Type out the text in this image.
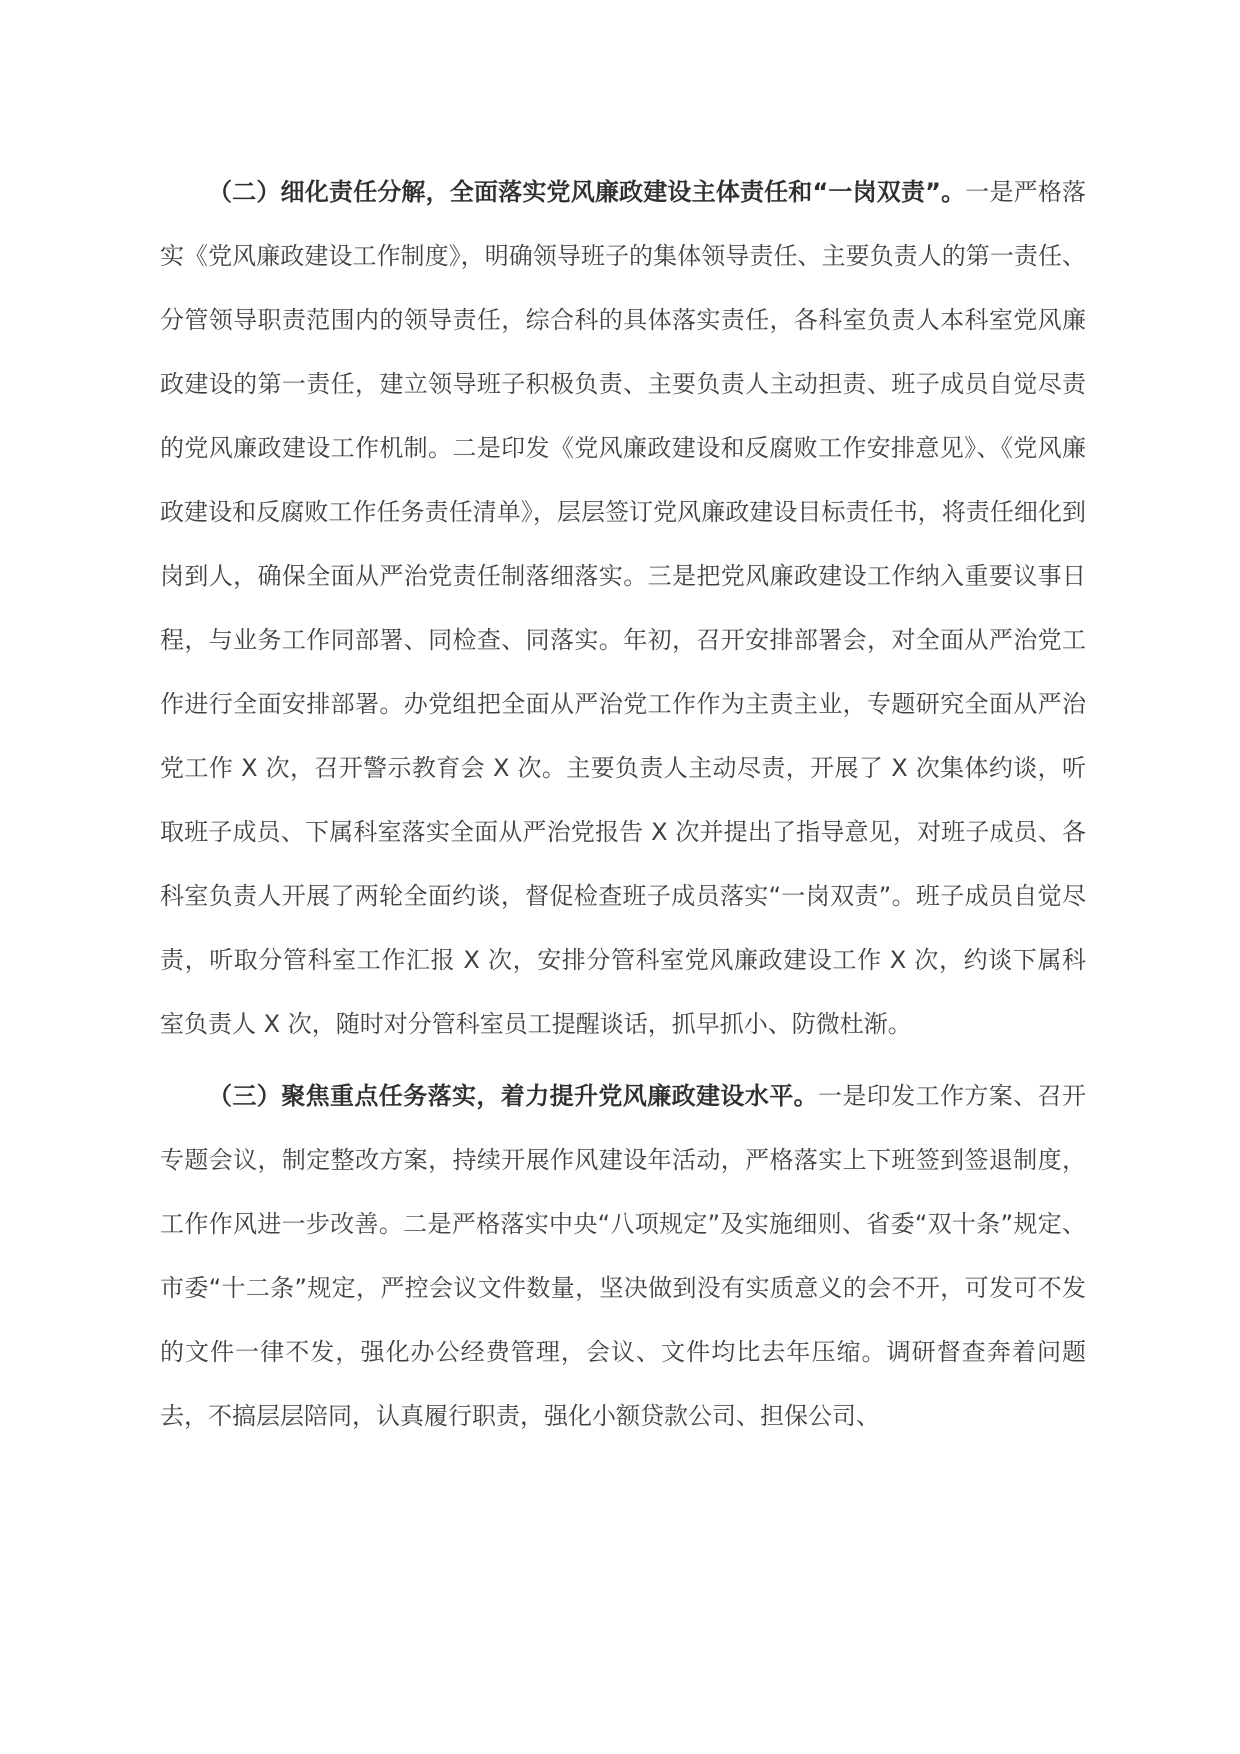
（二）细化责任分解，全面落实党风廉政建设主体责任和“一岗双责”。一是严格落实《党风廉政建设工作制度》，明确领导班子的集体领导责任、主要负责人的第一责任、分管领导职责范围内的领导责任，综合科的具体落实责任，各科室负责人本科室党风廉政建设的第一责任，建立领导班子积极负责、主要负责人主动担责、班子成员自觉尽责的党风廉政建设工作机制。二是印发《党风廉政建设和反腐败工作安排意见》、《党风廉政建设和反腐败工作任务责任清单》，层层签订党风廉政建设目标责任书，将责任细化到岗到人，确保全面从严治党责任制落细落实。三是把党风廉政建设工作纳入重要议事日程，与业务工作同部署、同检查、同落实。年初，召开安排部署会，对全面从严治党工作进行全面安排部署。办党组把全面从严治党工作作为主责主业，专题研究全面从严治党工作 X 次，召开警示教育会 X 次。主要负责人主动尽责，开展了 X 次集体约谈，听取班子成员、下属科室落实全面从严治党报告 X 次并提出了指导意见，对班子成员、各科室负责人开展了两轮全面约谈，督促检查班子成员落实“一岗双责”。班子成员自觉尽责，听取分管科室工作汇报 X 次，安排分管科室党风廉政建设工作 X 次，约谈下属科室负责人 X 次，随时对分管科室员工提醒谈话，抓早抓小、防微杜渐。

（三）聚焦重点任务落实，着力提升党风廉政建设水平。一是印发工作方案、召开专题会议，制定整改方案，持续开展作风建设年活动，严格落实上下班签到签退制度，工作作风进一步改善。二是严格落实中央“八项规定”及实施细则、省委“双十条”规定、市委“十二条”规定，严控会议文件数量，坚决做到没有实质意义的会不开，可发可不发的文件一律不发，强化办公经费管理，会议、文件均比去年压缩。调研督查奔着问题去，不搞层层陪同，认真履行职责，强化小额贷款公司、担保公司、
